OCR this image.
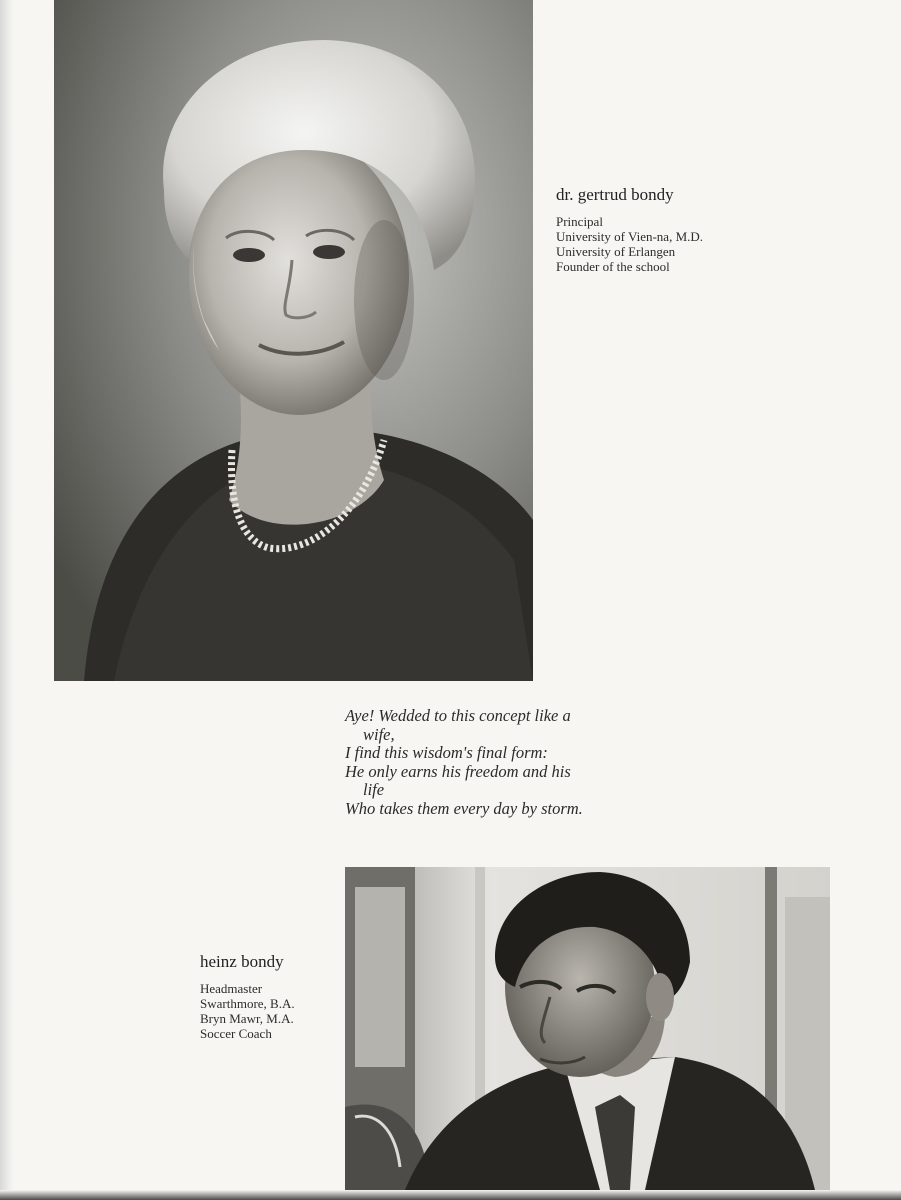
dr. gertrud bondy
Principal
University of Vien-na, M.D.
University of Erlangen
Founder of the school
Aye! Wedded to this concept like a wife,
I find this wisdom's final form:
He only earns his freedom and his life
Who takes them every day by storm.
heinz bondy
Headmaster
Swarthmore, B.A.
Bryn Mawr, M.A.
Soccer Coach
